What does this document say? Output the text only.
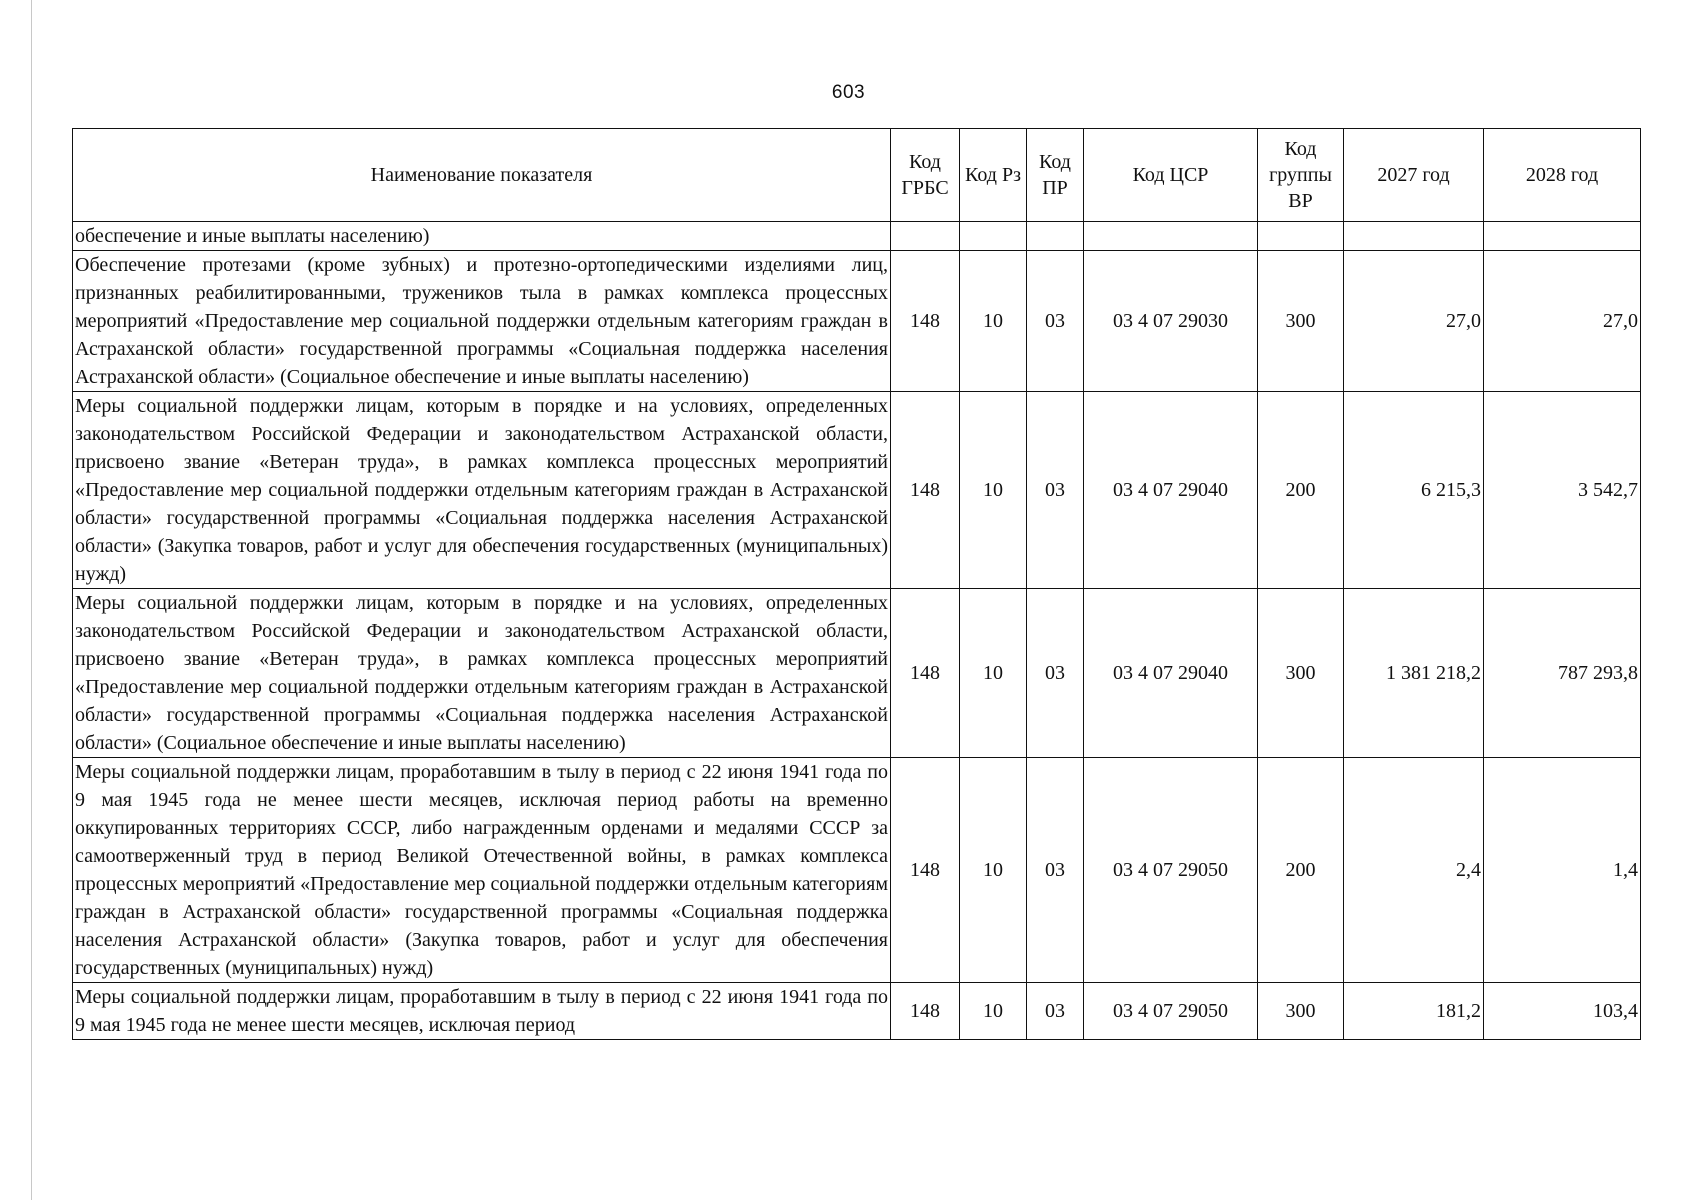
603
Наименование показателя	Код ГРБС	Код Рз	Код ПР	Код ЦСР	Код группы ВР	2027 год	2028 год
обеспечение и иные выплаты населению)							
Обеспечение протезами (кроме зубных) и протезно-ортопедическими изделиями лиц, признанных реабилитированными, тружеников тыла в рамках комплекса процессных мероприятий «Предоставление мер социальной поддержки отдельным категориям граждан в Астраханской области» государственной программы «Социальная поддержка населения Астраханской области» (Социальное обеспечение и иные выплаты населению)	148	10	03	03 4 07 29030	300	27,0	27,0
Меры социальной поддержки лицам, которым в порядке и на условиях, определенных законодательством Российской Федерации и законодательством Астраханской области, присвоено звание «Ветеран труда», в рамках комплекса процессных мероприятий «Предоставление мер социальной поддержки отдельным категориям граждан в Астраханской области» государственной программы «Социальная поддержка населения Астраханской области» (Закупка товаров, работ и услуг для обеспечения государственных (муниципальных) нужд)	148	10	03	03 4 07 29040	200	6 215,3	3 542,7
Меры социальной поддержки лицам, которым в порядке и на условиях, определенных законодательством Российской Федерации и законодательством Астраханской области, присвоено звание «Ветеран труда», в рамках комплекса процессных мероприятий «Предоставление мер социальной поддержки отдельным категориям граждан в Астраханской области» государственной программы «Социальная поддержка населения Астраханской области» (Социальное обеспечение и иные выплаты населению)	148	10	03	03 4 07 29040	300	1 381 218,2	787 293,8
Меры социальной поддержки лицам, проработавшим в тылу в период с 22 июня 1941 года по 9 мая 1945 года не менее шести месяцев, исключая период работы на временно оккупированных территориях СССР, либо награжденным орденами и медалями СССР за самоотверженный труд в период Великой Отечественной войны, в рамках комплекса процессных мероприятий «Предоставление мер социальной поддержки отдельным категориям граждан в Астраханской области» государственной программы «Социальная поддержка населения Астраханской области» (Закупка товаров, работ и услуг для обеспечения государственных (муниципальных) нужд)	148	10	03	03 4 07 29050	200	2,4	1,4
Меры социальной поддержки лицам, проработавшим в тылу в период с 22 июня 1941 года по 9 мая 1945 года не менее шести месяцев, исключая период	148	10	03	03 4 07 29050	300	181,2	103,4
